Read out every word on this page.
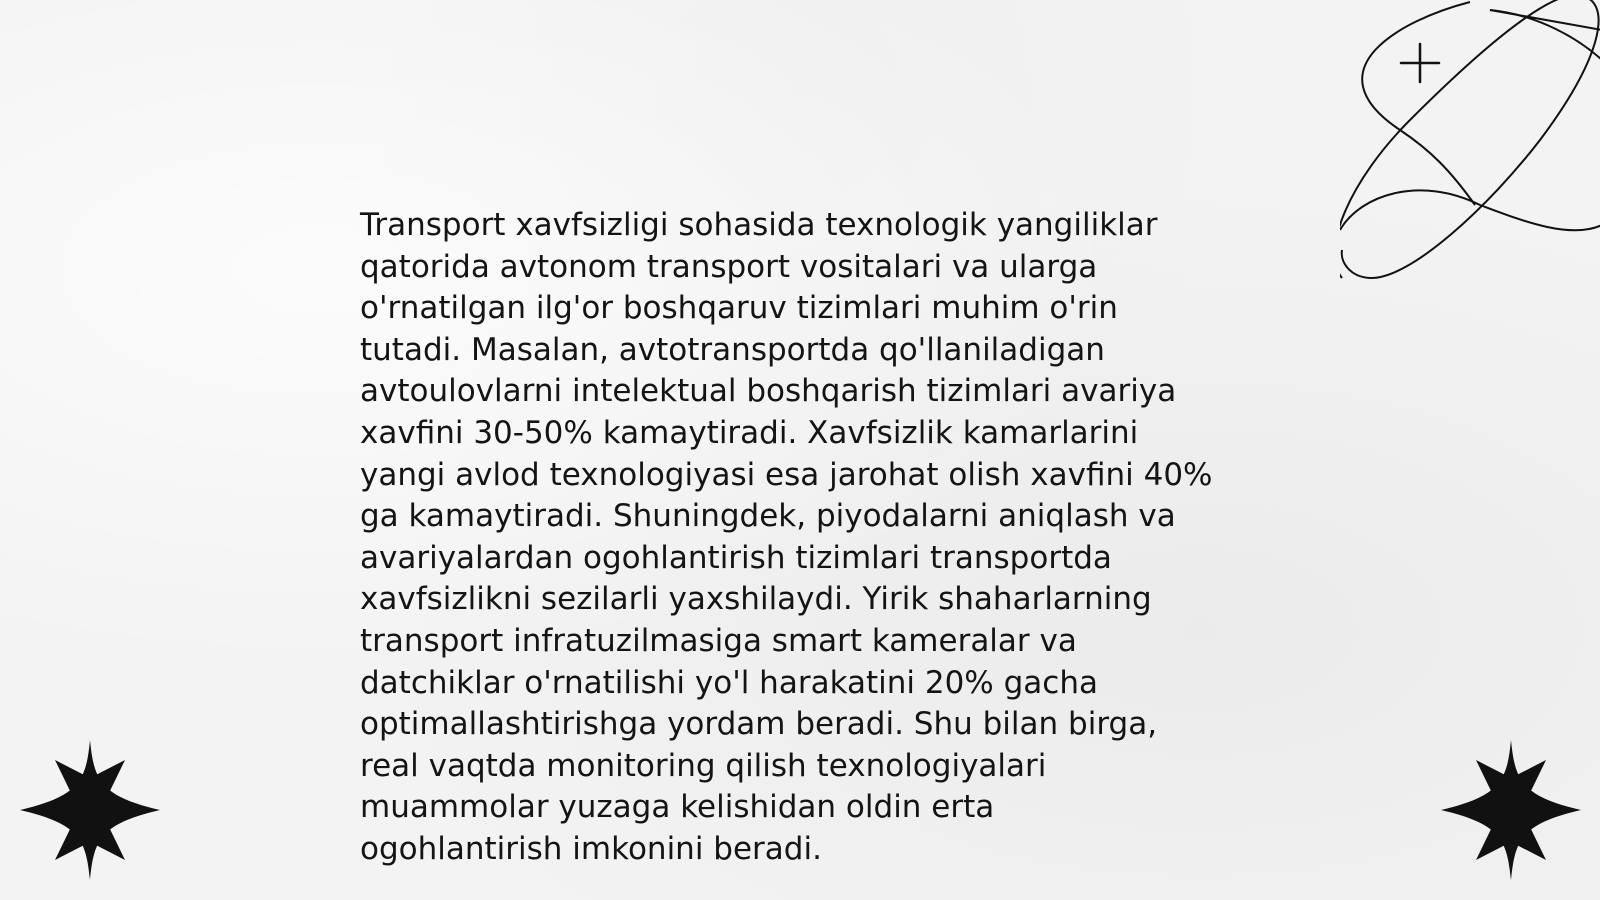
Transport xavfsizligi sohasida texnologik yangiliklar
qatorida avtonom transport vositalari va ularga
o'rnatilgan ilg'or boshqaruv tizimlari muhim o'rin
tutadi. Masalan, avtotransportda qo'llaniladigan
avtoulovlarni intelektual boshqarish tizimlari avariya
xavfini 30-50% kamaytiradi. Xavfsizlik kamarlarini
yangi avlod texnologiyasi esa jarohat olish xavfini 40%
ga kamaytiradi. Shuningdek, piyodalarni aniqlash va
avariyalardan ogohlantirish tizimlari transportda
xavfsizlikni sezilarli yaxshilaydi. Yirik shaharlarning
transport infratuzilmasiga smart kameralar va
datchiklar o'rnatilishi yo'l harakatini 20% gacha
optimallashtirishga yordam beradi. Shu bilan birga,
real vaqtda monitoring qilish texnologiyalari
muammolar yuzaga kelishidan oldin erta
ogohlantirish imkonini beradi.
